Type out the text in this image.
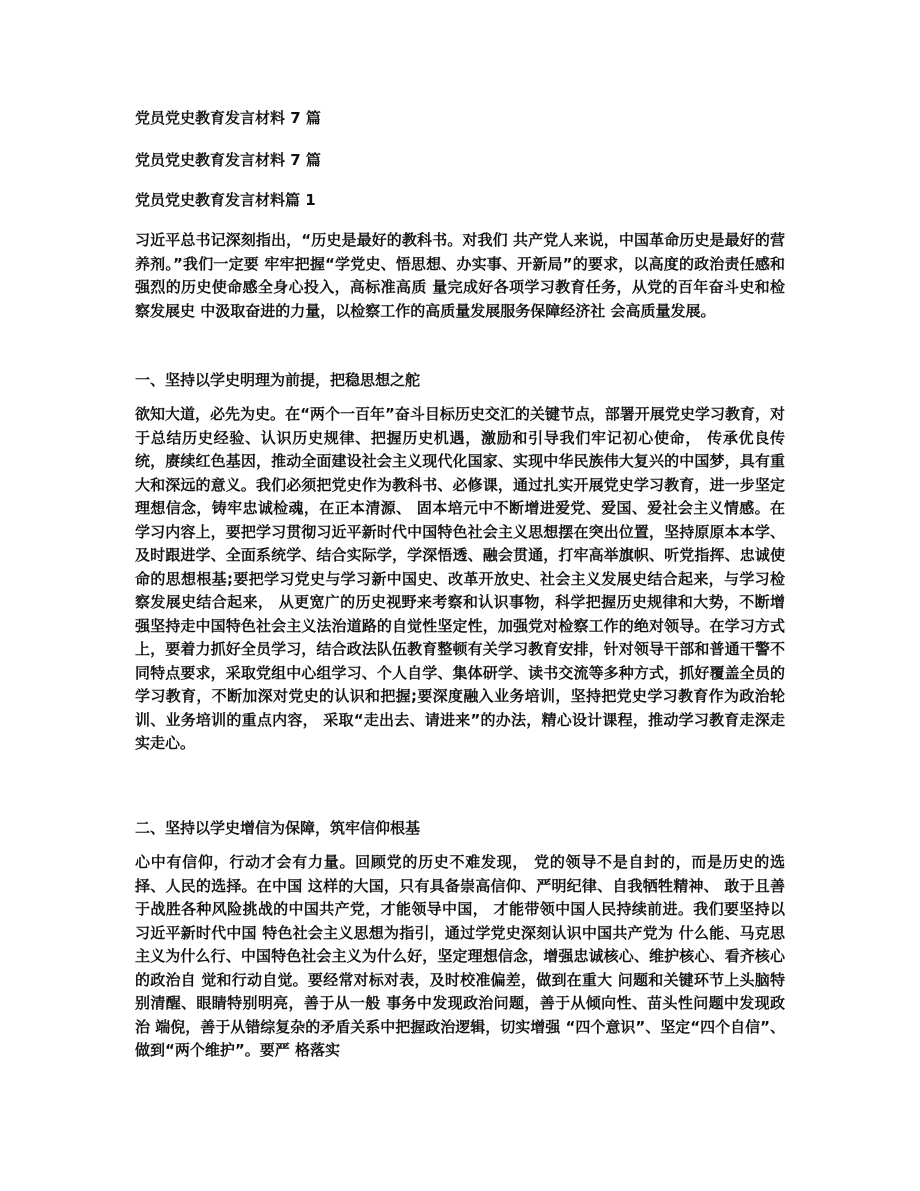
党员党史教育发言材料 7 篇
党员党史教育发言材料 7 篇
党员党史教育发言材料篇 1
习近平总书记深刻指出，“历史是最好的教科书。对我们 共产党人来说，中国革命历史是最好的营养剂。”我们一定要 牢牢把握“学党史、悟思想、办实事、开新局”的要求，以高度的政治责任感和强烈的历史使命感全身心投入，高标准高质 量完成好各项学习教育任务，从党的百年奋斗史和检察发展史 中汲取奋进的力量，以检察工作的高质量发展服务保障经济社 会高质量发展。
一、坚持以学史明理为前提，把稳思想之舵
欲知大道，必先为史。在“两个一百年”奋斗目标历史交汇的关键节点，部署开展党史学习教育，对于总结历史经验、认识历史规律、把握历史机遇，激励和引导我们牢记初心使命， 传承优良传统，赓续红色基因，推动全面建设社会主义现代化国家、实现中华民族伟大复兴的中国梦，具有重大和深远的意义。我们必须把党史作为教科书、必修课，通过扎实开展党史学习教育，进一步坚定理想信念，铸牢忠诚检魂，在正本清源、 固本培元中不断增进爱党、爱国、爱社会主义情感。在学习内容上，要把学习贯彻习近平新时代中国特色社会主义思想摆在突出位置，坚持原原本本学、及时跟进学、全面系统学、结合实际学，学深悟透、融会贯通，打牢高举旗帜、听党指挥、忠诚使命的思想根基;要把学习党史与学习新中国史、改革开放史、社会主义发展史结合起来，与学习检察发展史结合起来， 从更宽广的历史视野来考察和认识事物，科学把握历史规律和大势，不断增强坚持走中国特色社会主义法治道路的自觉性坚定性，加强党对检察工作的绝对领导。在学习方式上，要着力抓好全员学习，结合政法队伍教育整顿有关学习教育安排，针对领导干部和普通干警不同特点要求，采取党组中心组学习、个人自学、集体研学、读书交流等多种方式，抓好覆盖全员的学习教育，不断加深对党史的认识和把握;要深度融入业务培训，坚持把党史学习教育作为政治轮训、业务培训的重点内容， 采取“走出去、请进来”的办法，精心设计课程，推动学习教育走深走实走心。
二、坚持以学史增信为保障，筑牢信仰根基
心中有信仰，行动才会有力量。回顾党的历史不难发现， 党的领导不是自封的，而是历史的选择、人民的选择。在中国 这样的大国，只有具备崇高信仰、严明纪律、自我牺牲精神、 敢于且善于战胜各种风险挑战的中国共产党，才能领导中国， 才能带领中国人民持续前进。我们要坚持以习近平新时代中国 特色社会主义思想为指引，通过学党史深刻认识中国共产党为 什么能、马克思主义为什么行、中国特色社会主义为什么好，坚定理想信念，增强忠诚核心、维护核心、看齐核心的政治自 觉和行动自觉。要经常对标对表，及时校准偏差，做到在重大 问题和关键环节上头脑特别清醒、眼睛特别明亮，善于从一般 事务中发现政治问题，善于从倾向性、苗头性问题中发现政治 端倪，善于从错综复杂的矛盾关系中把握政治逻辑，切实增强 “四个意识”、坚定“四个自信”、做到“两个维护”。要严 格落实
